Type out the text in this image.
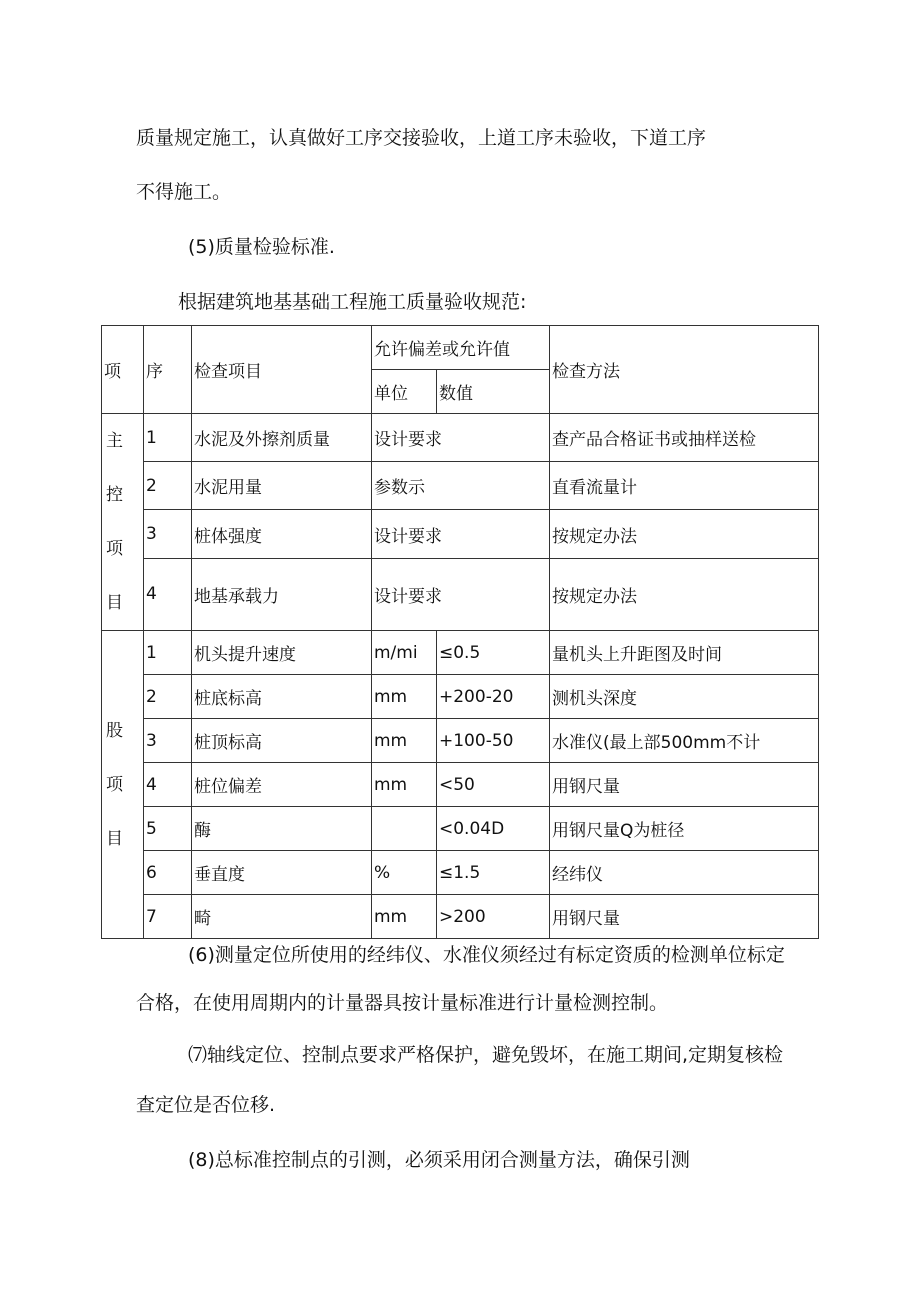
质量规定施工，认真做好工序交接验收，上道工序未验收，下道工序
不得施工。
(5)质量检验标准.
根据建筑地基基础工程施工质量验收规范:
项	序	检查项目	允许偏差或允许值		检查方法
			单位	数值	

主
控
项
目	1	水泥及外擦剂质量	设计要求		查产品合格证书或抽样送检
	2	水泥用量	参数示		直看流量计
	3	桩体强度	设计要求		按规定办法
	4	地基承载力	设计要求		按规定办法

股
项
目	1	机头提升速度	m/mi	≤0.5	量机头上升距图及时间
	2	桩底标高	mm	+200-20	测机头深度
	3	桩顶标高	mm	+100-50	水准仪(最上部500mm不计
	4	桩位偏差	mm	<50	用钢尺量
	5	酶		<0.04D	用钢尺量Q为桩径
	6	垂直度	%	≤1.5	经纬仪
	7	畸	mm	>200	用钢尺量
(6)测量定位所使用的经纬仪、水准仪须经过有标定资质的检测单位标定
合格，在使用周期内的计量器具按计量标准进行计量检测控制。
⑺轴线定位、控制点要求严格保护，避免毁坏，在施工期间,定期复核检
查定位是否位移.
(8)总标准控制点的引测，必须采用闭合测量方法，确保引测
